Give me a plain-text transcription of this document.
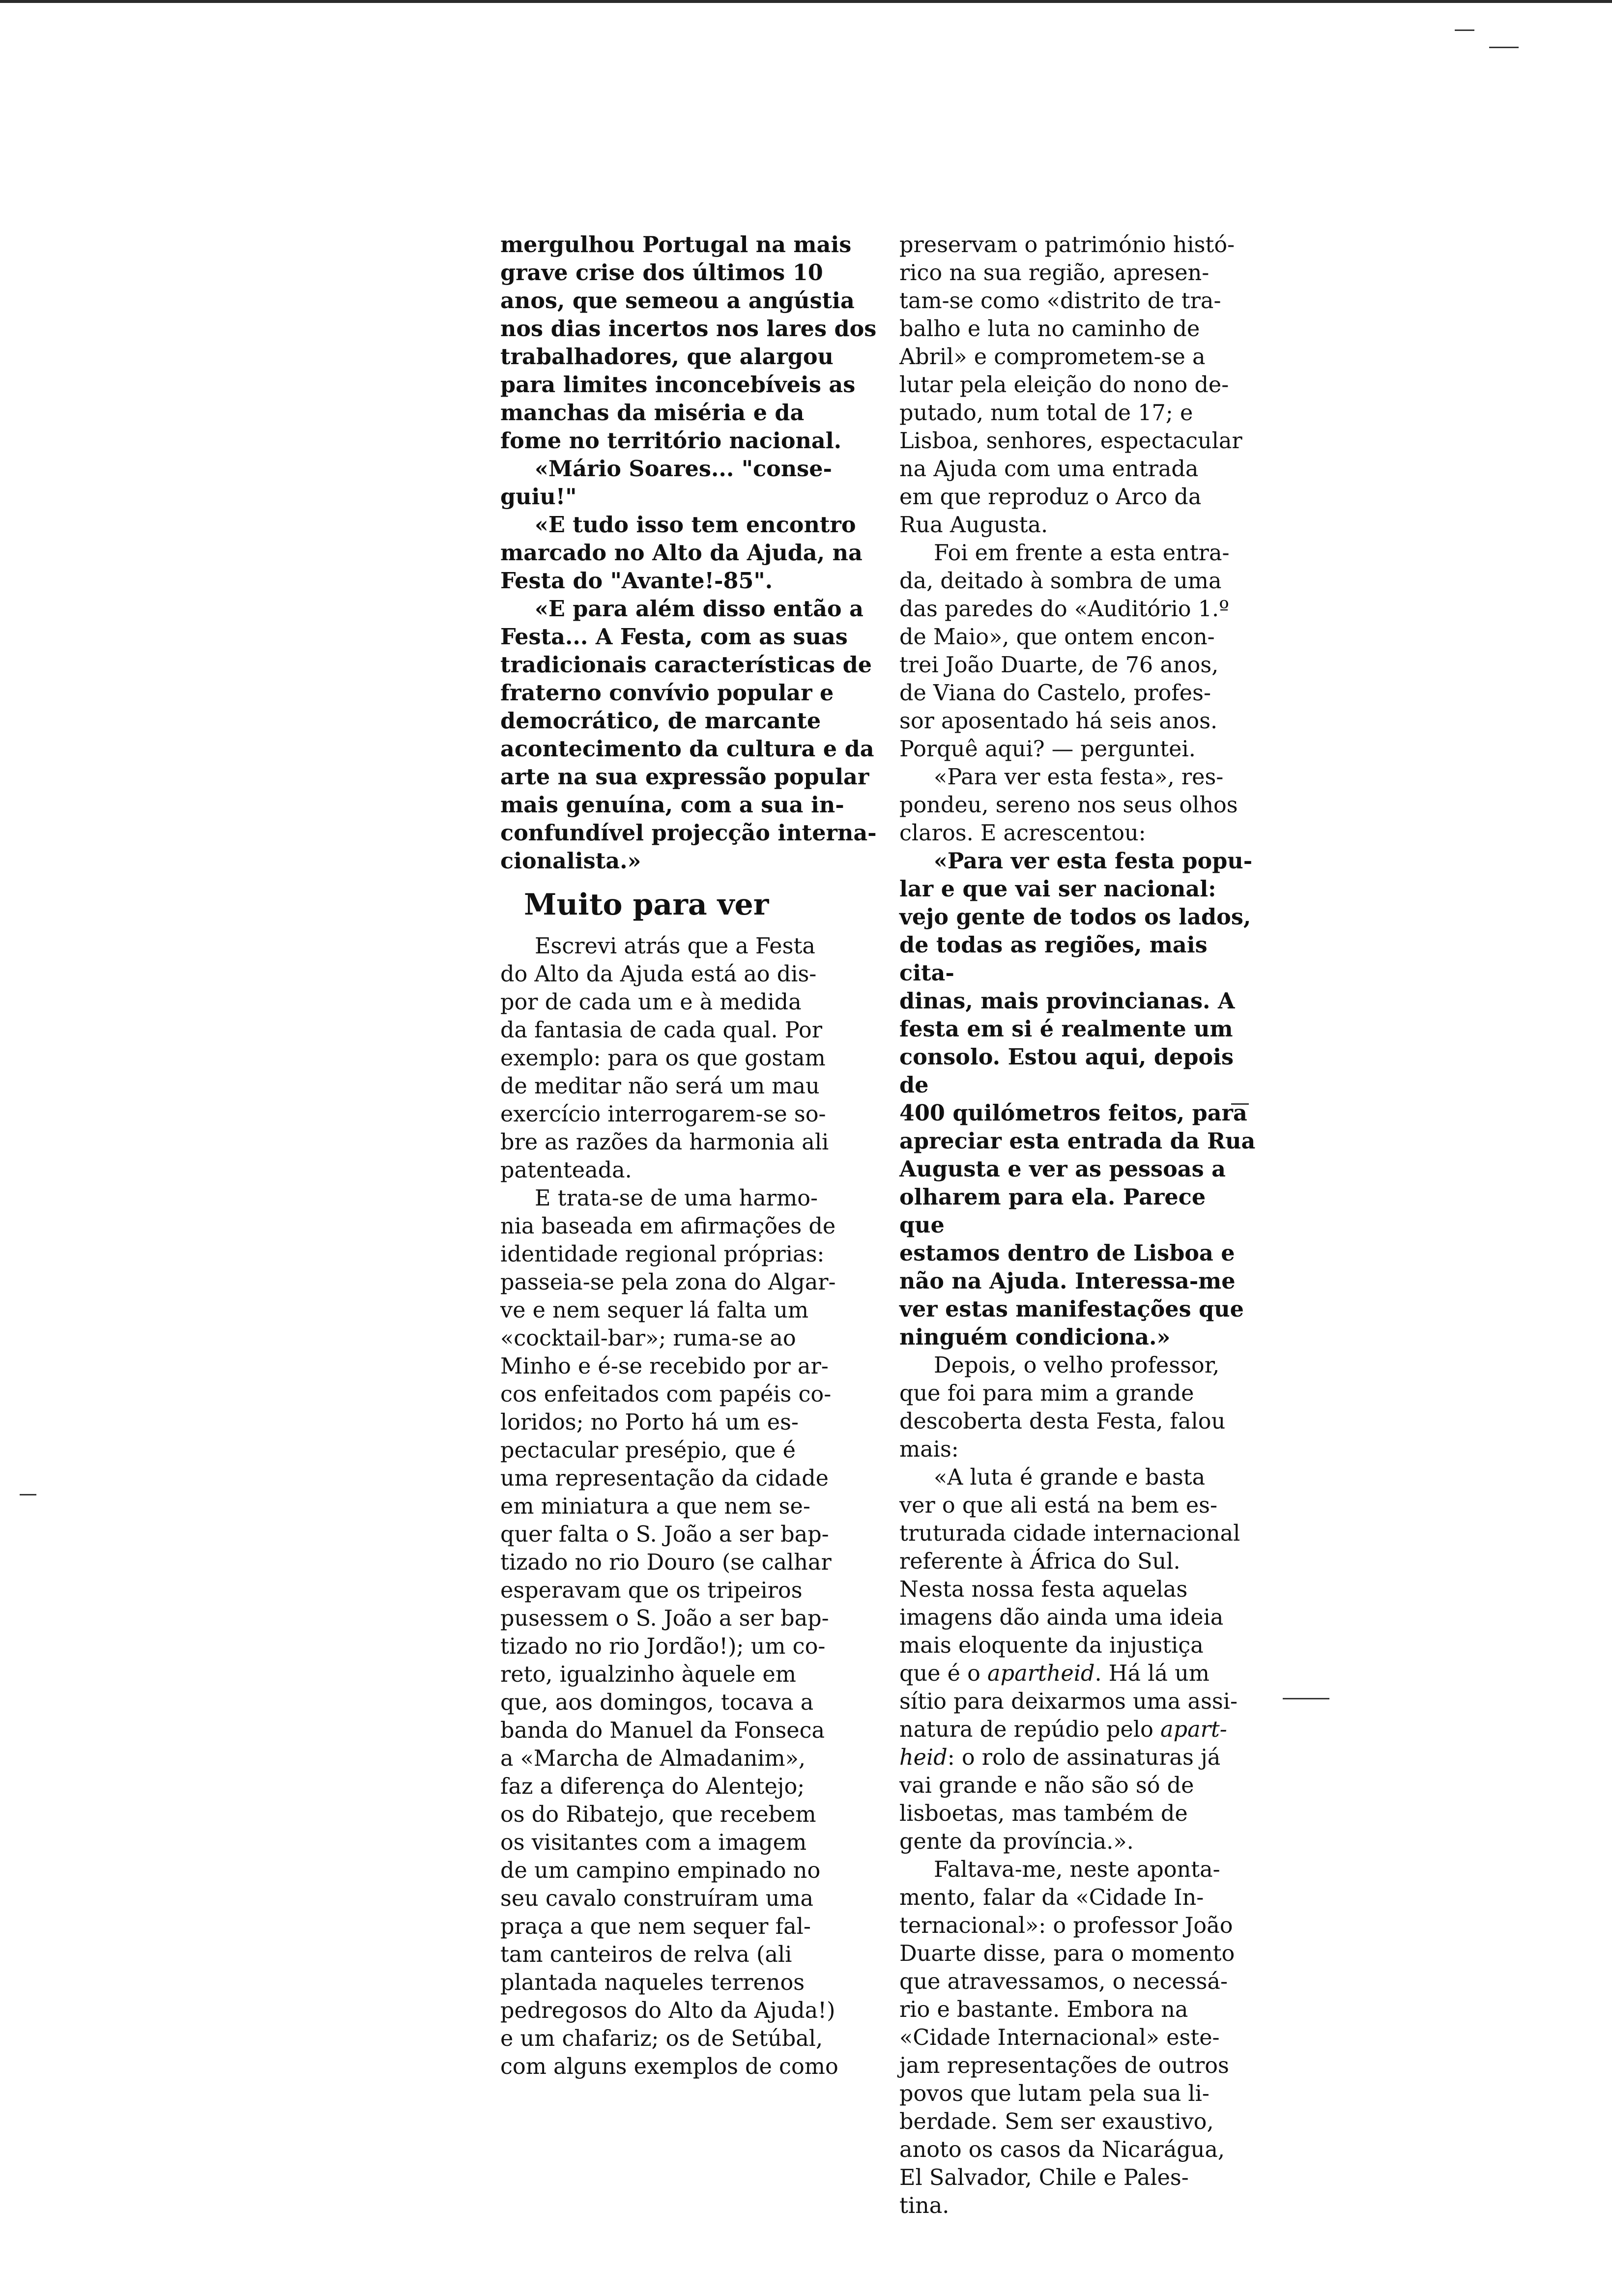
mergulhou Portugal na mais
grave crise dos últimos 10
anos, que semeou a angústia
nos dias incertos nos lares dos
trabalhadores, que alargou
para limites inconcebíveis as
manchas da miséria e da
fome no território nacional.

«Mário Soares... "conse-
guiu!"

«E tudo isso tem encontro
marcado no Alto da Ajuda, na
Festa do "Avante!-85".

«E para além disso então a
Festa... A Festa, com as suas
tradicionais características de
fraterno convívio popular e
democrático, de marcante
acontecimento da cultura e da
arte na sua expressão popular
mais genuína, com a sua in-
confundível projecção interna-
cionalista.»

Muito para ver

Escrevi atrás que a Festa
do Alto da Ajuda está ao dis-
por de cada um e à medida
da fantasia de cada qual. Por
exemplo: para os que gostam
de meditar não será um mau
exercício interrogarem-se so-
bre as razões da harmonia ali
patenteada.

E trata-se de uma harmo-
nia baseada em afirmações de
identidade regional próprias:
passeia-se pela zona do Algar-
ve e nem sequer lá falta um
«cocktail-bar»; ruma-se ao
Minho e é-se recebido por ar-
cos enfeitados com papéis co-
loridos; no Porto há um es-
pectacular presépio, que é
uma representação da cidade
em miniatura a que nem se-
quer falta o S. João a ser bap-
tizado no rio Douro (se calhar
esperavam que os tripeiros
pusessem o S. João a ser bap-
tizado no rio Jordão!); um co-
reto, igualzinho àquele em
que, aos domingos, tocava a
banda do Manuel da Fonseca
a «Marcha de Almadanim»,
faz a diferença do Alentejo;
os do Ribatejo, que recebem
os visitantes com a imagem
de um campino empinado no
seu cavalo construíram uma
praça a que nem sequer fal-
tam canteiros de relva (ali
plantada naqueles terrenos
pedregosos do Alto da Ajuda!)
e um chafariz; os de Setúbal,
com alguns exemplos de como

preservam o património histó-
rico na sua região, apresen-
tam-se como «distrito de tra-
balho e luta no caminho de
Abril» e comprometem-se a
lutar pela eleição do nono de-
putado, num total de 17; e
Lisboa, senhores, espectacular
na Ajuda com uma entrada
em que reproduz o Arco da
Rua Augusta.

Foi em frente a esta entra-
da, deitado à sombra de uma
das paredes do «Auditório 1.º
de Maio», que ontem encon-
trei João Duarte, de 76 anos,
de Viana do Castelo, profes-
sor aposentado há seis anos.
Porquê aqui? — perguntei.

«Para ver esta festa», res-
pondeu, sereno nos seus olhos
claros. E acrescentou:

«Para ver esta festa popu-
lar e que vai ser nacional:
vejo gente de todos os lados,
de todas as regiões, mais cita-
dinas, mais provincianas. A
festa em si é realmente um
consolo. Estou aqui, depois de
400 quilómetros feitos, para
apreciar esta entrada da Rua
Augusta e ver as pessoas a
olharem para ela. Parece que
estamos dentro de Lisboa e
não na Ajuda. Interessa-me
ver estas manifestações que
ninguém condiciona.»

Depois, o velho professor,
que foi para mim a grande
descoberta desta Festa, falou
mais:

«A luta é grande e basta
ver o que ali está na bem es-
truturada cidade internacional
referente à África do Sul.
Nesta nossa festa aquelas
imagens dão ainda uma ideia
mais eloquente da injustiça
que é o apartheid. Há lá um
sítio para deixarmos uma assi-
natura de repúdio pelo apart-
heid: o rolo de assinaturas já
vai grande e não são só de
lisboetas, mas também de
gente da província.».

Faltava-me, neste aponta-
mento, falar da «Cidade In-
ternacional»: o professor João
Duarte disse, para o momento
que atravessamos, o necessá-
rio e bastante. Embora na
«Cidade Internacional» este-
jam representações de outros
povos que lutam pela sua li-
berdade. Sem ser exaustivo,
anoto os casos da Nicarágua,
El Salvador, Chile e Pales-
tina.
